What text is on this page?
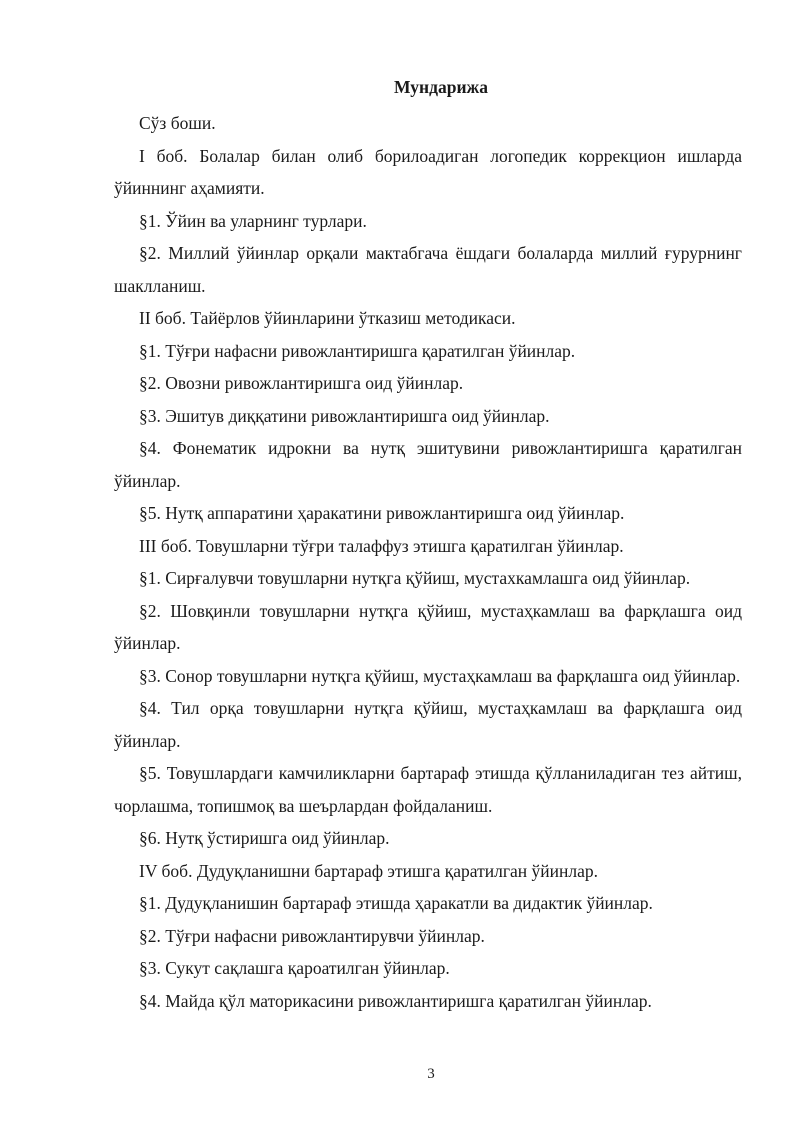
Мундарижа

Сўз боши.

I боб. Болалар билан олиб борилоадиган логопедик коррекцион ишларда ўйиннинг аҳамияти.

§1. Ўйин ва уларнинг турлари.

§2. Миллий ўйинлар орқали мактабгача ёшдаги болаларда миллий ғурурнинг шаклланиш.

II боб. Тайёрлов ўйинларини ўтказиш методикаси.

§1. Тўғри нафасни ривожлантиришга қаратилган ўйинлар.

§2. Овозни ривожлантиришга оид ўйинлар.

§3. Эшитув диққатини ривожлантиришга оид ўйинлар.

§4. Фонематик идрокни ва нутқ эшитувини ривожлантиришга қаратилган ўйинлар.

§5. Нутқ аппаратини ҳаракатини ривожлантиришга оид ўйинлар.

III боб. Товушларни тўғри талаффуз этишга қаратилган ўйинлар.

§1. Сирғалувчи товушларни нутқга қўйиш, мустахкамлашга оид ўйинлар.

§2. Шовқинли товушларни нутқга қўйиш, мустаҳкамлаш ва фарқлашга оид ўйинлар.

§3. Сонор товушларни нутқга қўйиш, мустаҳкамлаш ва фарқлашга оид ўйинлар.

§4. Тил орқа товушларни нутқга қўйиш, мустаҳкамлаш ва фарқлашга оид ўйинлар.

§5. Товушлардаги камчиликларни бартараф этишда қўлланиладиган тез айтиш, чорлашма, топишмоқ ва шеърлардан фойдаланиш.

§6. Нутқ ўстиришга оид ўйинлар.

IV боб. Дудуқланишни бартараф этишга қаратилган ўйинлар.

§1. Дудуқланишин бартараф этишда ҳаракатли ва дидактик ўйинлар.

§2. Тўғри нафасни ривожлантирувчи ўйинлар.

§3. Сукут сақлашга қароатилган ўйинлар.

§4. Майда қўл маторикасини ривожлантиришга қаратилган ўйинлар.

3
